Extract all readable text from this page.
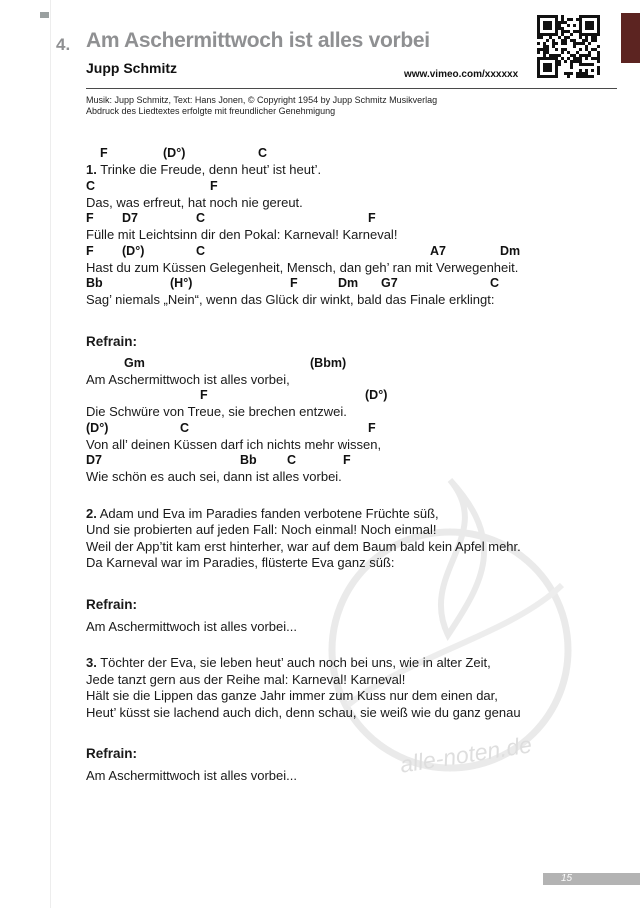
4. Am Aschermittwoch ist alles vorbei
Jupp Schmitz	www.vimeo.com/xxxxxx
Musik: Jupp Schmitz, Text: Hans Jonen, © Copyright 1954 by Jupp Schmitz Musikverlag
Abdruck des Liedtextes erfolgte mit freundlicher Genehmigung
alle-noten.de
F	(D°)	C
1. Trinke die Freude, denn heut’ ist heut’.
C	F
Das, was erfreut, hat noch nie gereut.
F D7	C	F
Fülle mit Leichtsinn dir den Pokal: Karneval! Karneval!
F (D°)	C	A7	Dm
Hast du zum Küssen Gelegenheit, Mensch, dan geh’ ran mit Verwegenheit.
Bb	(H°)	F	Dm G7	C
Sag’ niemals „Nein“, wenn das Glück dir winkt, bald das Finale erklingt:
Refrain:
Gm	(Bbm)
Am Aschermittwoch ist alles vorbei,
F	(D°)
Die Schwüre von Treue, sie brechen entzwei.
(D°)	C	F
Von all’ deinen Küssen darf ich nichts mehr wissen,
D7	Bb C	F
Wie schön es auch sei, dann ist alles vorbei.
2. Adam und Eva im Paradies fanden verbotene Früchte süß,
Und sie probierten auf jeden Fall: Noch einmal! Noch einmal!
Weil der App’tit kam erst hinterher, war auf dem Baum bald kein Apfel mehr.
Da Karneval war im Paradies, flüsterte Eva ganz süß:
Refrain:
Am Aschermittwoch ist alles vorbei...
3. Töchter der Eva, sie leben heut’ auch noch bei uns, wie in alter Zeit,
Jede tanzt gern aus der Reihe mal: Karneval! Karneval!
Hält sie die Lippen das ganze Jahr immer zum Kuss nur dem einen dar,
Heut’ küsst sie lachend auch dich, denn schau, sie weiß wie du ganz genau
Refrain:
Am Aschermittwoch ist alles vorbei...
15
